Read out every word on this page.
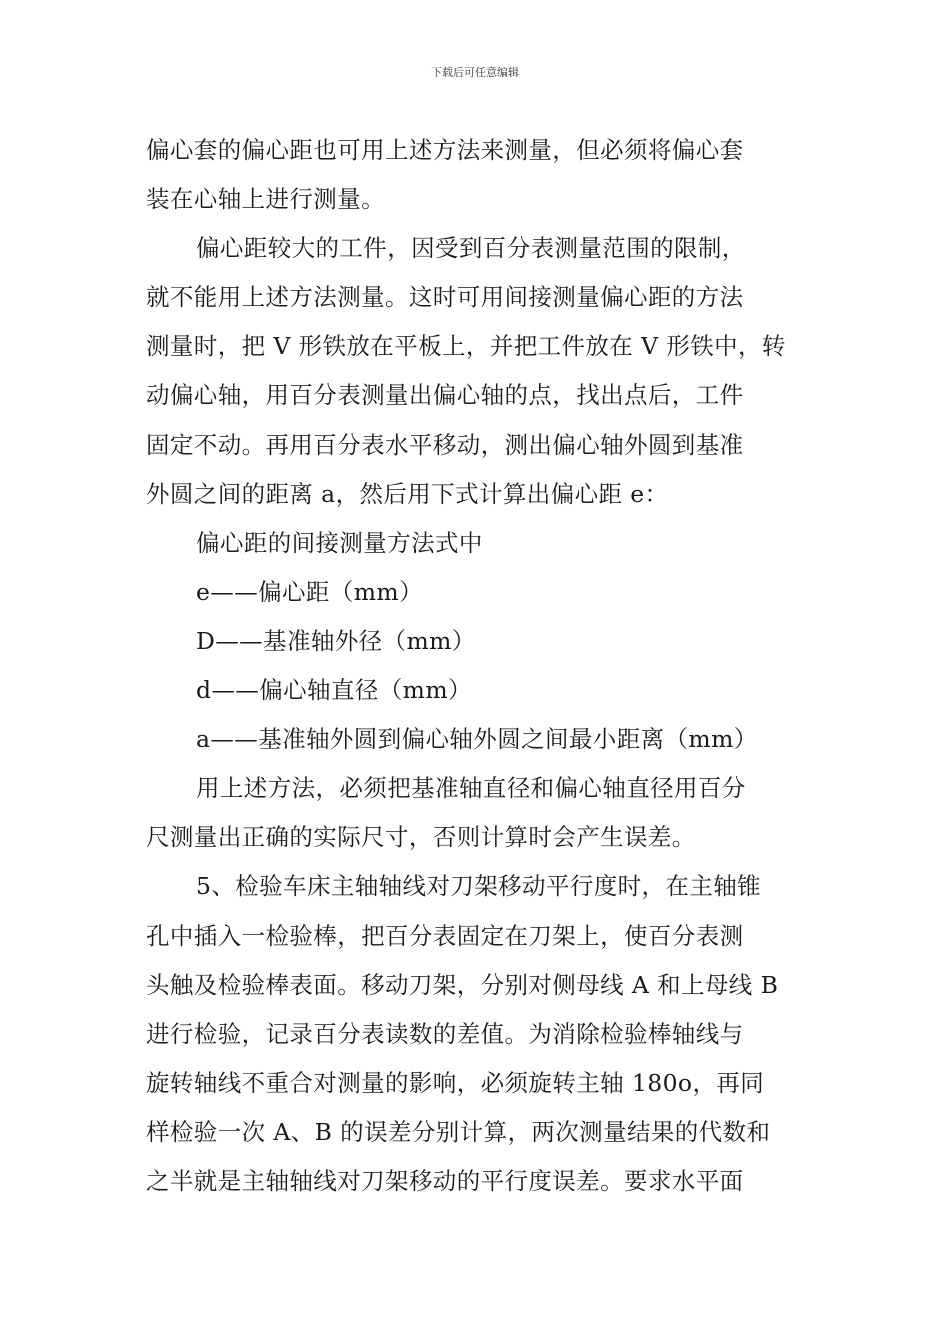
下载后可任意编辑
偏心套的偏心距也可用上述方法来测量，但必须将偏心套
装在心轴上进行测量。
偏心距较大的工件，因受到百分表测量范围的限制，
就不能用上述方法测量。这时可用间接测量偏心距的方法
测量时，把 V 形铁放在平板上，并把工件放在 V 形铁中，转
动偏心轴，用百分表测量出偏心轴的点，找出点后，工件
固定不动。再用百分表水平移动，测出偏心轴外圆到基准
外圆之间的距离 a，然后用下式计算出偏心距 e：
偏心距的间接测量方法式中
e——偏心距（mm）
D——基准轴外径（mm）
d——偏心轴直径（mm）
a——基准轴外圆到偏心轴外圆之间最小距离（mm）
用上述方法，必须把基准轴直径和偏心轴直径用百分
尺测量出正确的实际尺寸，否则计算时会产生误差。
5、检验车床主轴轴线对刀架移动平行度时，在主轴锥
孔中插入一检验棒，把百分表固定在刀架上，使百分表测
头触及检验棒表面。移动刀架，分别对侧母线 A 和上母线 B
进行检验，记录百分表读数的差值。为消除检验棒轴线与
旋转轴线不重合对测量的影响，必须旋转主轴 180o，再同
样检验一次 A、B 的误差分别计算，两次测量结果的代数和
之半就是主轴轴线对刀架移动的平行度误差。要求水平面
